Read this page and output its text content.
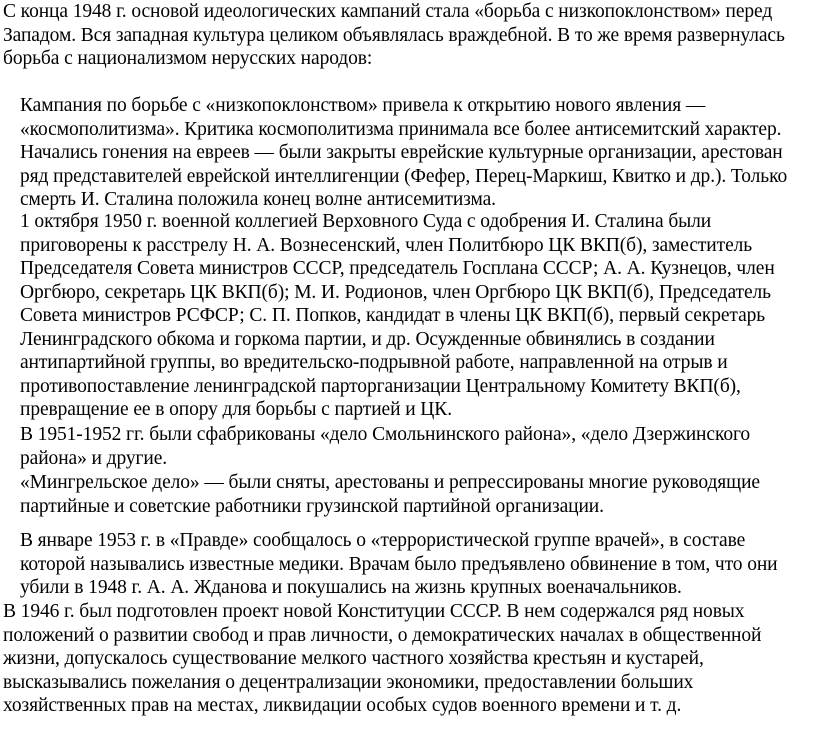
С конца 1948 г. основой идеологических кампаний стала «борьба с низкопоклонством» перед Западом. Вся западная культура целиком объявлялась враждебной. В то же время развернулась борьба с национализмом нерусских народов:

Кампания по борьбе с «низкопоклонством» привела к открытию нового явления — «космополитизма». Критика космополитизма принимала все более антисемитский характер. Начались гонения на евреев — были закрыты еврейские культурные организации, арестован ряд представителей еврейской интеллигенции (Фефер, Перец-Маркиш, Квитко и др.). Только смерть И. Сталина положила конец волне антисемитизма.

1 октября 1950 г. военной коллегией Верховного Суда с одобрения И. Сталина были приговорены к расстрелу Н. А. Вознесенский, член Политбюро ЦК ВКП(б), заместитель Председателя Совета министров СССР, председатель Госплана СССР; А. А. Кузнецов, член Оргбюро, секретарь ЦК ВКП(б); М. И. Родионов, член Оргбюро ЦК ВКП(б), Председатель Совета министров РСФСР; С. П. Попков, кандидат в члены ЦК ВКП(б), первый секретарь Ленинградского обкома и горкома партии, и др. Осужденные обвинялись в создании антипартийной группы, во вредительско-подрывной работе, направленной на отрыв и противопоставление ленинградской парторганизации Центральному Комитету ВКП(б), превращение ее в опору для борьбы с партией и ЦК.

В 1951-1952 гг. были сфабрикованы «дело Смольнинского района», «дело Дзержинского района» и другие.

«Мингрельское дело» — были сняты, арестованы и репрессированы многие руководящие партийные и советские работники грузинской партийной организации.

В январе 1953 г. в «Правде» сообщалось о «террористической группе врачей», в составе которой назывались известные медики. Врачам было предъявлено обвинение в том, что они убили в 1948 г. А. А. Жданова и покушались на жизнь крупных военачальников.

В 1946 г. был подготовлен проект новой Конституции СССР. В нем содержался ряд новых положений о развитии свобод и прав личности, о демократических началах в общественной жизни, допускалось существование мелкого частного хозяйства крестьян и кустарей, высказывались пожелания о децентрализации экономики, предоставлении больших хозяйственных прав на местах, ликвидации особых судов военного времени и т. д.
